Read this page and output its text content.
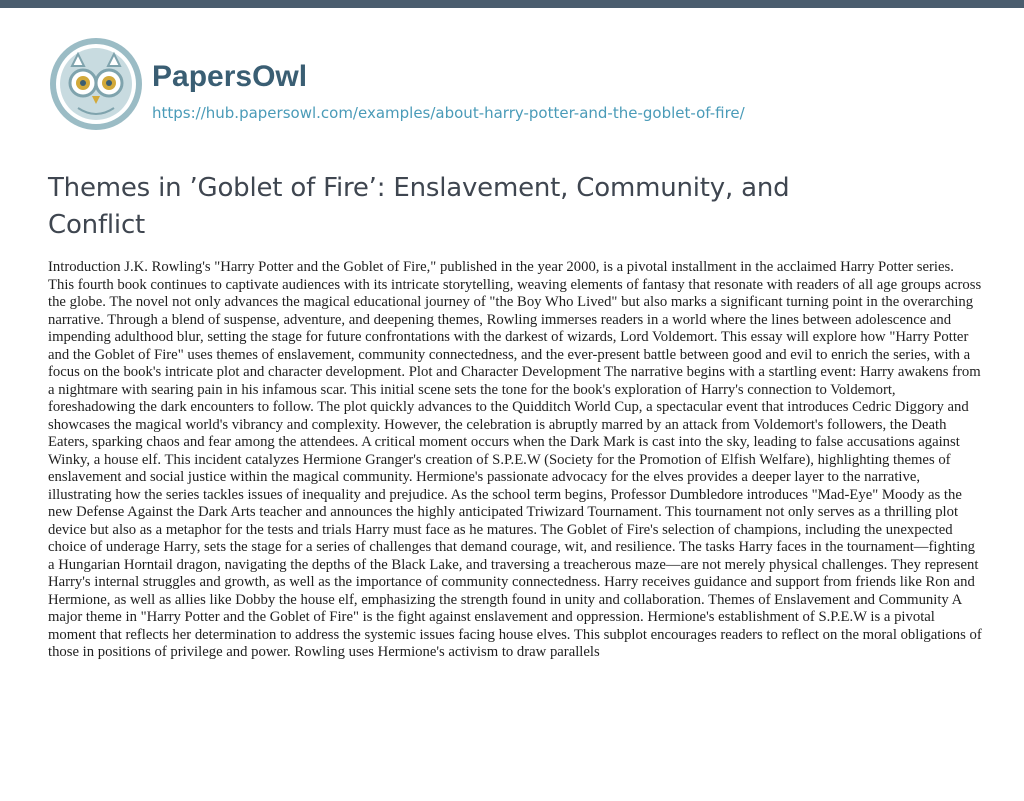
PapersOwl
https://hub.papersowl.com/examples/about-harry-potter-and-the-goblet-of-fire/
Themes in ’Goblet of Fire’: Enslavement, Community, and Conflict

Introduction J.K. Rowling's "Harry Potter and the Goblet of Fire," published in the year 2000, is a pivotal installment in the acclaimed Harry Potter series. This fourth book continues to captivate audiences with its intricate storytelling, weaving elements of fantasy that resonate with readers of all age groups across the globe. The novel not only advances the magical educational journey of "the Boy Who Lived" but also marks a significant turning point in the overarching narrative. Through a blend of suspense, adventure, and deepening themes, Rowling immerses readers in a world where the lines between adolescence and impending adulthood blur, setting the stage for future confrontations with the darkest of wizards, Lord Voldemort. This essay will explore how "Harry Potter and the Goblet of Fire" uses themes of enslavement, community connectedness, and the ever-present battle between good and evil to enrich the series, with a focus on the book's intricate plot and character development. Plot and Character Development The narrative begins with a startling event: Harry awakens from a nightmare with searing pain in his infamous scar. This initial scene sets the tone for the book's exploration of Harry's connection to Voldemort, foreshadowing the dark encounters to follow. The plot quickly advances to the Quidditch World Cup, a spectacular event that introduces Cedric Diggory and showcases the magical world's vibrancy and complexity. However, the celebration is abruptly marred by an attack from Voldemort's followers, the Death Eaters, sparking chaos and fear among the attendees. A critical moment occurs when the Dark Mark is cast into the sky, leading to false accusations against Winky, a house elf. This incident catalyzes Hermione Granger's creation of S.P.E.W (Society for the Promotion of Elfish Welfare), highlighting themes of enslavement and social justice within the magical community. Hermione's passionate advocacy for the elves provides a deeper layer to the narrative, illustrating how the series tackles issues of inequality and prejudice. As the school term begins, Professor Dumbledore introduces "Mad-Eye" Moody as the new Defense Against the Dark Arts teacher and announces the highly anticipated Triwizard Tournament. This tournament not only serves as a thrilling plot device but also as a metaphor for the tests and trials Harry must face as he matures. The Goblet of Fire's selection of champions, including the unexpected choice of underage Harry, sets the stage for a series of challenges that demand courage, wit, and resilience. The tasks Harry faces in the tournament—fighting a Hungarian Horntail dragon, navigating the depths of the Black Lake, and traversing a treacherous maze—are not merely physical challenges. They represent Harry's internal struggles and growth, as well as the importance of community connectedness. Harry receives guidance and support from friends like Ron and Hermione, as well as allies like Dobby the house elf, emphasizing the strength found in unity and collaboration. Themes of Enslavement and Community A major theme in "Harry Potter and the Goblet of Fire" is the fight against enslavement and oppression. Hermione's establishment of S.P.E.W is a pivotal moment that reflects her determination to address the systemic issues facing house elves. This subplot encourages readers to reflect on the moral obligations of those in positions of privilege and power. Rowling uses Hermione's activism to draw parallels
